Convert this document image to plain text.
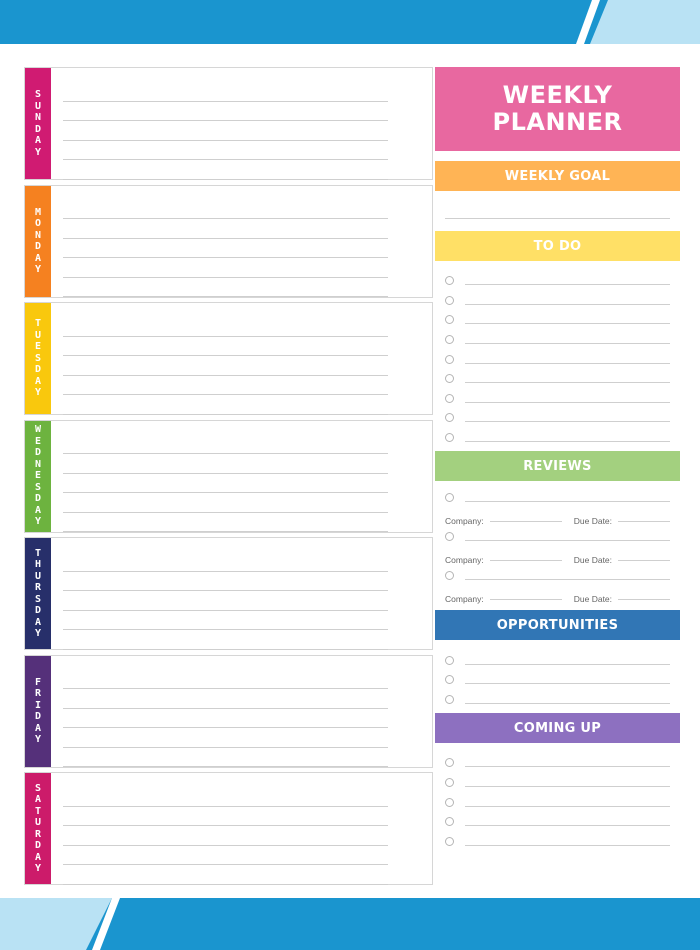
S
U
N
D
A
Y
M
O
N
D
A
Y
T
U
E
S
D
A
Y
W
E
D
N
E
S
D
A
Y
T
H
U
R
S
D
A
Y
F
R
I
D
A
Y
S
A
T
U
R
D
A
Y
WEEKLY
PLANNER
WEEKLY GOAL
TO DO
REVIEWS
Company:	Due Date:
Company:	Due Date:
Company:	Due Date:
OPPORTUNITIES
COMING UP
